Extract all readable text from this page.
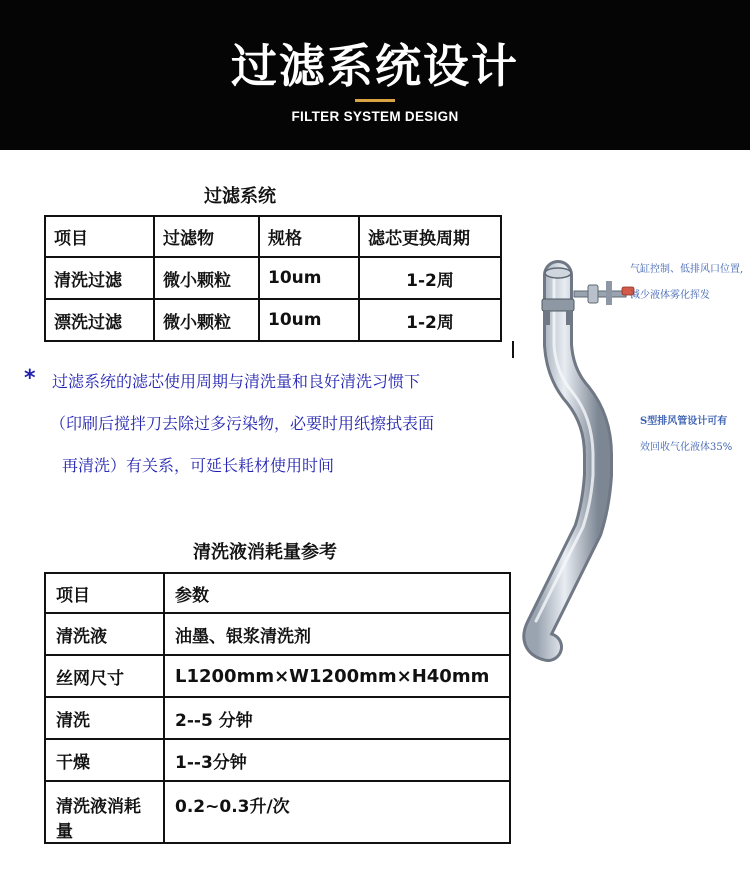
过滤系统设计
FILTER SYSTEM DESIGN
过滤系统
项目	过滤物	规格	滤芯更换周期
清洗过滤	微小颗粒	10um	1-2周
漂洗过滤	微小颗粒	10um	1-2周
* 过滤系统的滤芯使用周期与清洗量和良好清洗习惯下
（印刷后搅拌刀去除过多污染物，必要时用纸擦拭表面
再清洗）有关系，可延长耗材使用时间
清洗液消耗量参考
项目	参数
清洗液	油墨、银浆清洗剂
丝网尺寸	L1200mm×W1200mm×H40mm
清洗	2--5 分钟
干燥	1--3分钟
清洗液消耗量	0.2~0.3升/次
气缸控制、低排风口位置,
减少液体雾化挥发
S型排风管设计可有
效回收气化液体35%
